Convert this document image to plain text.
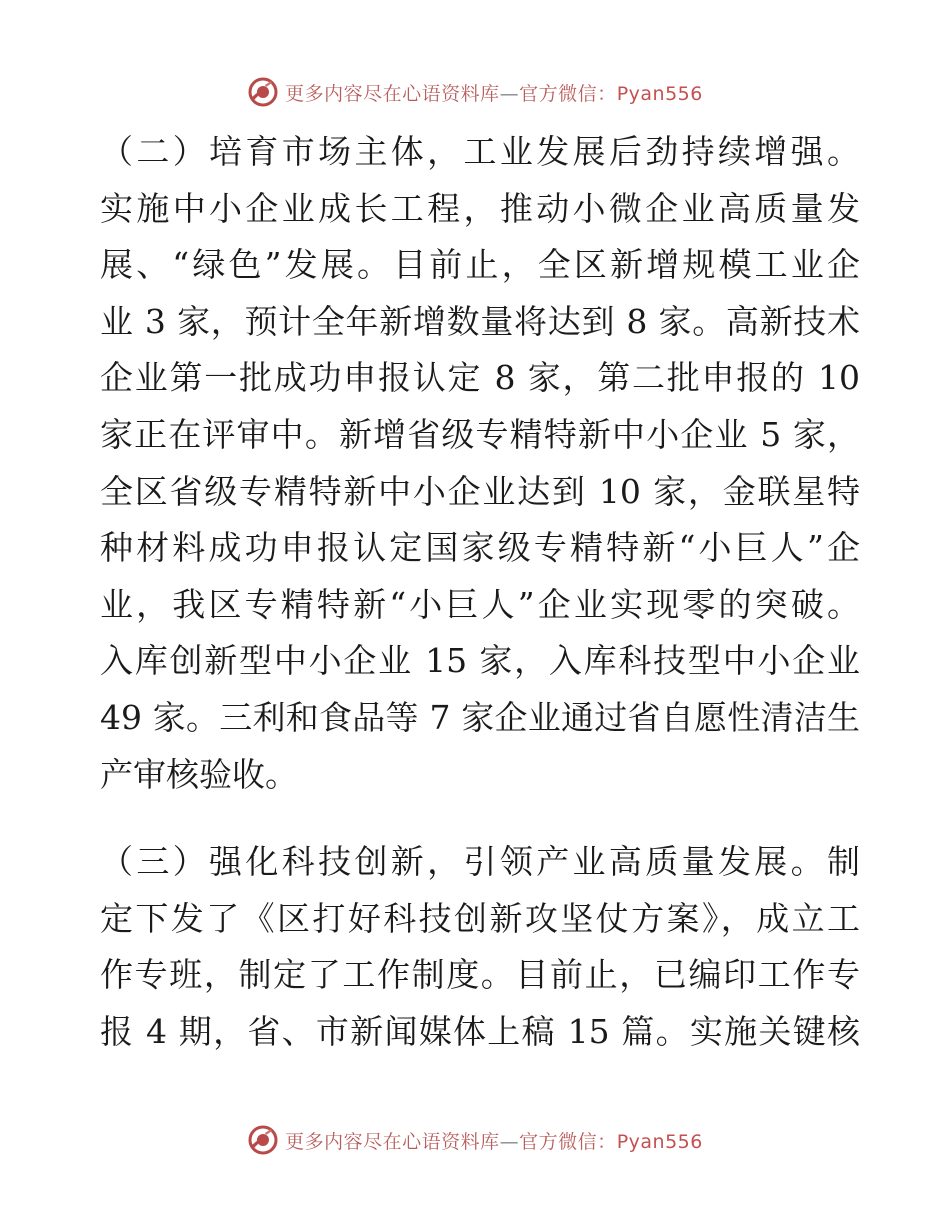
更多内容尽在心语资料库—官方微信：Pyan556
（二）培育市场主体，工业发展后劲持续增强。
实施中小企业成长工程，推动小微企业高质量发
展、“绿色”发展。目前止，全区新增规模工业企
业 3 家，预计全年新增数量将达到 8 家。高新技术
企业第一批成功申报认定 8 家，第二批申报的 10
家正在评审中。新增省级专精特新中小企业 5 家，
全区省级专精特新中小企业达到 10 家，金联星特
种材料成功申报认定国家级专精特新“小巨人”企
业，我区专精特新“小巨人”企业实现零的突破。
入库创新型中小企业 15 家，入库科技型中小企业
49 家。三利和食品等 7 家企业通过省自愿性清洁生
产审核验收。
（三）强化科技创新，引领产业高质量发展。制
定下发了《区打好科技创新攻坚仗方案》，成立工
作专班，制定了工作制度。目前止，已编印工作专
报 4 期，省、市新闻媒体上稿 15 篇。实施关键核
更多内容尽在心语资料库—官方微信：Pyan556
